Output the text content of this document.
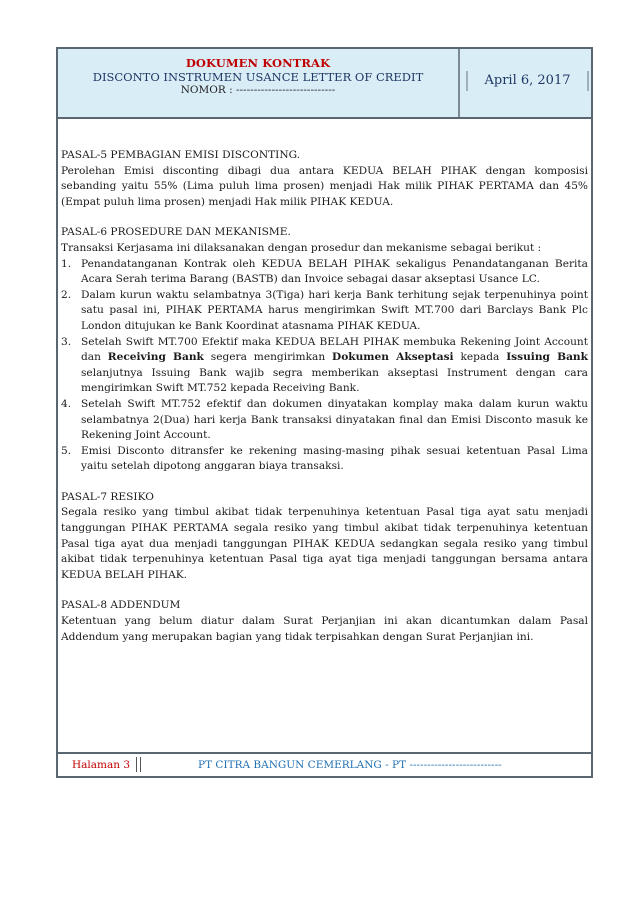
DOKUMEN KONTRAK
DISCONTO INSTRUMEN USANCE LETTER OF CREDIT
NOMOR : ----------------------------
April 6, 2017

PASAL-5 PEMBAGIAN EMISI DISCONTING.

Perolehan Emisi disconting dibagi dua antara KEDUA BELAH PIHAK dengan komposisi sebanding yaitu 55% (Lima puluh lima prosen) menjadi Hak milik PIHAK PERTAMA dan 45% (Empat puluh lima prosen) menjadi Hak milik PIHAK KEDUA.

PASAL-6 PROSEDURE DAN MEKANISME.

Transaksi Kerjasama ini dilaksanakan dengan prosedur dan mekanisme sebagai berikut :

1. Penandatanganan Kontrak oleh KEDUA BELAH PIHAK sekaligus Penandatanganan Berita Acara Serah terima Barang (BASTB) dan Invoice sebagai dasar akseptasi Usance LC.
2. Dalam kurun waktu selambatnya 3(Tiga) hari kerja Bank terhitung sejak terpenuhinya point satu pasal ini, PIHAK PERTAMA harus mengirimkan Swift MT.700 dari Barclays Bank Plc London ditujukan ke Bank Koordinat atasnama PIHAK KEDUA.
3. Setelah Swift MT.700 Efektif maka KEDUA BELAH PIHAK membuka Rekening Joint Account dan Receiving Bank segera mengirimkan Dokumen Akseptasi kepada Issuing Bank selanjutnya Issuing Bank wajib segra memberikan akseptasi Instrument dengan cara mengirimkan Swift MT.752 kepada Receiving Bank.
4. Setelah Swift MT.752 efektif dan dokumen dinyatakan komplay maka dalam kurun waktu selambatnya 2(Dua) hari kerja Bank transaksi dinyatakan final dan Emisi Disconto masuk ke Rekening Joint Account.
5. Emisi Disconto ditransfer ke rekening masing-masing pihak sesuai ketentuan Pasal Lima yaitu setelah dipotong anggaran biaya transaksi.

PASAL-7 RESIKO

Segala resiko yang timbul akibat tidak terpenuhinya ketentuan Pasal tiga ayat satu menjadi tanggungan PIHAK PERTAMA segala resiko yang timbul akibat tidak terpenuhinya ketentuan Pasal tiga ayat dua menjadi tanggungan PIHAK KEDUA sedangkan segala resiko yang timbul akibat tidak terpenuhinya ketentuan Pasal tiga ayat tiga menjadi tanggungan bersama antara KEDUA BELAH PIHAK.

PASAL-8 ADDENDUM

Ketentuan yang belum diatur dalam Surat Perjanjian ini akan dicantumkan dalam Pasal Addendum yang merupakan bagian yang tidak terpisahkan dengan Surat Perjanjian ini.

Halaman 3	PT CITRA BANGUN CEMERLANG - PT --------------------------
